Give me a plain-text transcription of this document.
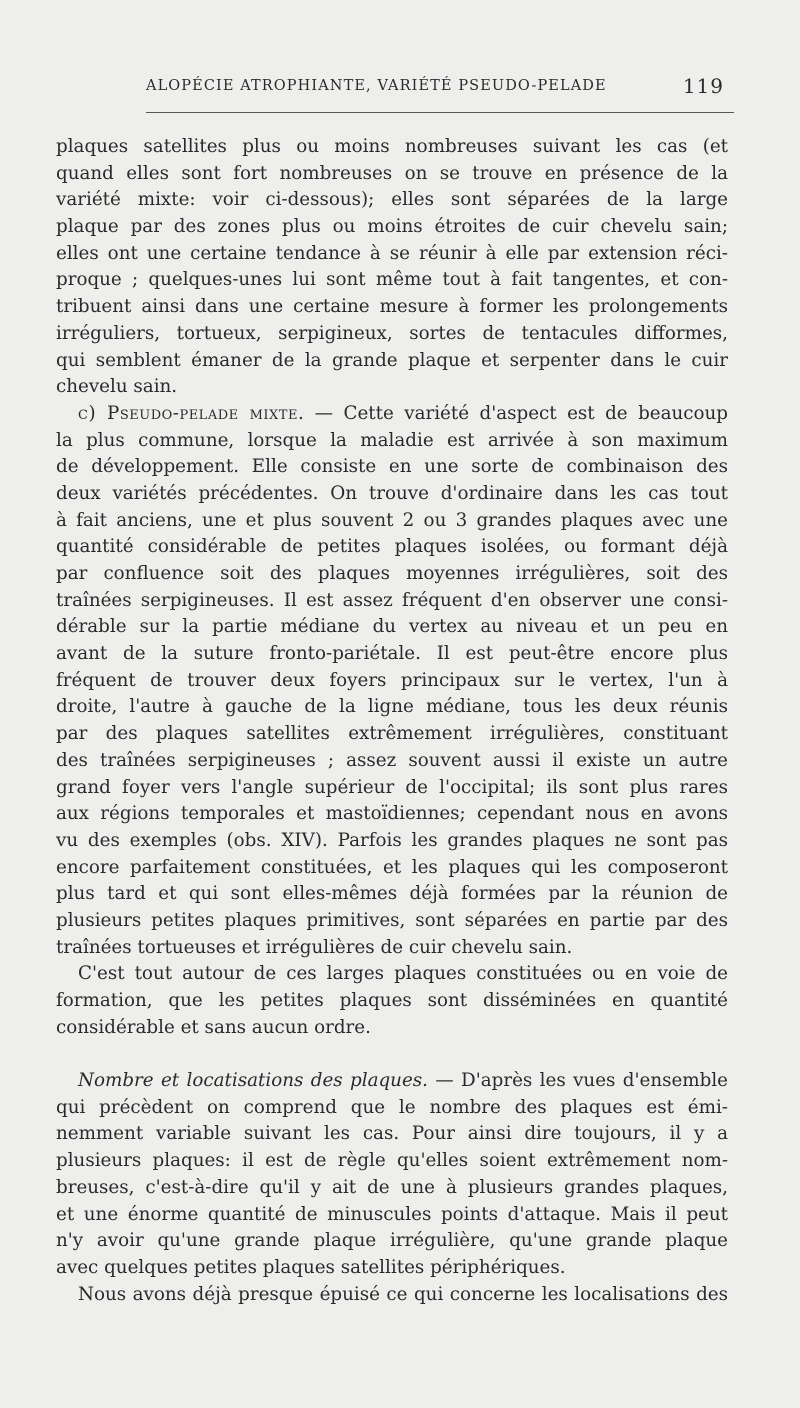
ALOPÉCIE ATROPHIANTE, VARIÉTÉ PSEUDO-PELADE	119
plaques satellites plus ou moins nombreuses suivant les cas (et
quand elles sont fort nombreuses on se trouve en présence de la
variété mixte: voir ci-dessous); elles sont séparées de la large
plaque par des zones plus ou moins étroites de cuir chevelu sain;
elles ont une certaine tendance à se réunir à elle par extension réci-
proque ; quelques-unes lui sont même tout à fait tangentes, et con-
tribuent ainsi dans une certaine mesure à former les prolongements
irréguliers, tortueux, serpigineux, sortes de tentacules difformes,
qui semblent émaner de la grande plaque et serpenter dans le cuir
chevelu sain.
c) Pseudo-pelade mixte. — Cette variété d'aspect est de beaucoup
la plus commune, lorsque la maladie est arrivée à son maximum
de développement. Elle consiste en une sorte de combinaison des
deux variétés précédentes. On trouve d'ordinaire dans les cas tout
à fait anciens, une et plus souvent 2 ou 3 grandes plaques avec une
quantité considérable de petites plaques isolées, ou formant déjà
par confluence soit des plaques moyennes irrégulières, soit des
traînées serpigineuses. Il est assez fréquent d'en observer une consi-
dérable sur la partie médiane du vertex au niveau et un peu en
avant de la suture fronto-pariétale. Il est peut-être encore plus
fréquent de trouver deux foyers principaux sur le vertex, l'un à
droite, l'autre à gauche de la ligne médiane, tous les deux réunis
par des plaques satellites extrêmement irrégulières, constituant
des traînées serpigineuses ; assez souvent aussi il existe un autre
grand foyer vers l'angle supérieur de l'occipital; ils sont plus rares
aux régions temporales et mastoïdiennes; cependant nous en avons
vu des exemples (obs. XIV). Parfois les grandes plaques ne sont pas
encore parfaitement constituées, et les plaques qui les composeront
plus tard et qui sont elles-mêmes déjà formées par la réunion de
plusieurs petites plaques primitives, sont séparées en partie par des
traînées tortueuses et irrégulières de cuir chevelu sain.
C'est tout autour de ces larges plaques constituées ou en voie de
formation, que les petites plaques sont disséminées en quantité
considérable et sans aucun ordre.
Nombre et locatisations des plaques. — D'après les vues d'ensemble
qui précèdent on comprend que le nombre des plaques est émi-
nemment variable suivant les cas. Pour ainsi dire toujours, il y a
plusieurs plaques: il est de règle qu'elles soient extrêmement nom-
breuses, c'est-à-dire qu'il y ait de une à plusieurs grandes plaques,
et une énorme quantité de minuscules points d'attaque. Mais il peut
n'y avoir qu'une grande plaque irrégulière, qu'une grande plaque
avec quelques petites plaques satellites périphériques.
Nous avons déjà presque épuisé ce qui concerne les localisations des
